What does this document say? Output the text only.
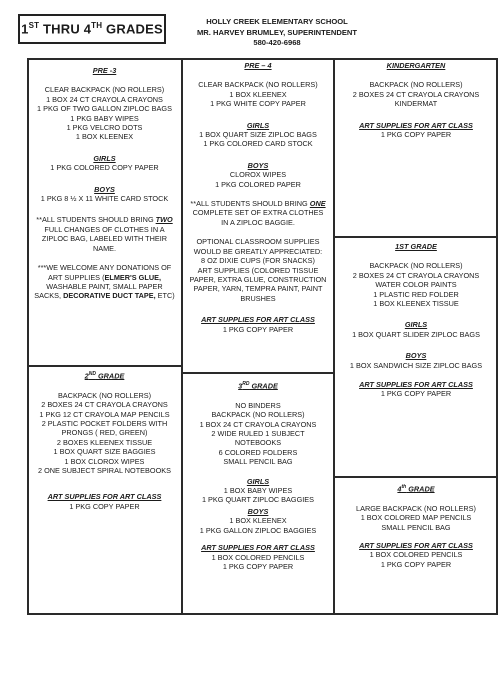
1ST THRU 4TH GRADES
HOLLY CREEK ELEMENTARY SCHOOL
MR. HARVEY BRUMLEY, SUPERINTENDENT
580-420-6968
PRE -3
CLEAR BACKPACK (NO ROLLERS)
1 BOX 24 CT CRAYOLA CRAYONS
1 PKG OF TWO GALLON ZIPLOC BAGS
1 PKG BABY WIPES
1 PKG VELCRO DOTS
1 BOX KLEENEX
GIRLS
1 PKG COLORED COPY PAPER
BOYS
1 PKG 8 ½ X 11 WHITE CARD STOCK
**ALL STUDENTS SHOULD BRING TWO
FULL CHANGES OF CLOTHES IN A
ZIPLOC BAG, LABELED WITH THEIR
NAME.
***WE WELCOME ANY DONATIONS OF
ART SUPPLIES (ELMER'S GLUE,
WASHABLE PAINT, SMALL PAPER
SACKS, DECORATIVE DUCT TAPE, ETC)
PRE – 4
CLEAR BACKPACK (NO ROLLERS)
1 BOX KLEENEX
1 PKG WHITE COPY PAPER
GIRLS
1 BOX QUART SIZE ZIPLOC BAGS
1 PKG COLORED CARD STOCK
BOYS
CLOROX WIPES
1 PKG COLORED PAPER
**ALL STUDENTS SHOULD BRING ONE
COMPLETE SET OF EXTRA CLOTHES
IN A ZIPLOC BAGGIE.
OPTIONAL CLASSROOM SUPPLIES
WOULD BE GREATLY APPRECIATED:
8 OZ DIXIE CUPS (FOR SNACKS)
ART SUPPLIES (COLORED TISSUE
PAPER, EXTRA GLUE, CONSTRUCTION
PAPER, YARN, TEMPRA PAINT, PAINT
BRUSHES
ART SUPPLIES FOR ART CLASS
1 PKG COPY PAPER
KINDERGARTEN
BACKPACK (NO ROLLERS)
2 BOXES 24 CT CRAYOLA CRAYONS
KINDERMAT
ART SUPPLIES FOR ART CLASS
1 PKG COPY PAPER
1ST GRADE
BACKPACK (NO ROLLERS)
2 BOXES 24 CT CRAYOLA CRAYONS
WATER COLOR PAINTS
1 PLASTIC RED FOLDER
1 BOX KLEENEX TISSUE
GIRLS
1 BOX QUART SLIDER ZIPLOC BAGS
BOYS
1 BOX SANDWICH SIZE ZIPLOC BAGS
ART SUPPLIES FOR ART CLASS
1 PKG COPY PAPER
2ND GRADE
BACKPACK (NO ROLLERS)
2 BOXES 24 CT CRAYOLA CRAYONS
1 PKG 12 CT CRAYOLA MAP PENCILS
2 PLASTIC POCKET FOLDERS WITH
PRONGS ( RED, GREEN)
2 BOXES KLEENEX TISSUE
1 BOX QUART SIZE BAGGIES
1 BOX CLOROX WIPES
2 ONE SUBJECT SPIRAL NOTEBOOKS
ART SUPPLIES FOR ART CLASS
1 PKG COPY PAPER
3RD GRADE
NO BINDERS
BACKPACK (NO ROLLERS)
1 BOX 24 CT CRAYOLA CRAYONS
2 WIDE RULED 1 SUBJECT
NOTEBOOKS
6 COLORED FOLDERS
SMALL PENCIL BAG
GIRLS
1 BOX BABY WIPES
1 PKG QUART ZIPLOC BAGGIES
BOYS
1 BOX KLEENEX
1 PKG GALLON ZIPLOC BAGGIES
ART SUPPLIES FOR ART CLASS
1 BOX COLORED PENCILS
1 PKG COPY PAPER
4th GRADE
LARGE BACKPACK (NO ROLLERS)
1 BOX COLORED MAP PENCILS
SMALL PENCIL BAG
ART SUPPLIES FOR ART CLASS
1 BOX COLORED PENCILS
1 PKG COPY PAPER
